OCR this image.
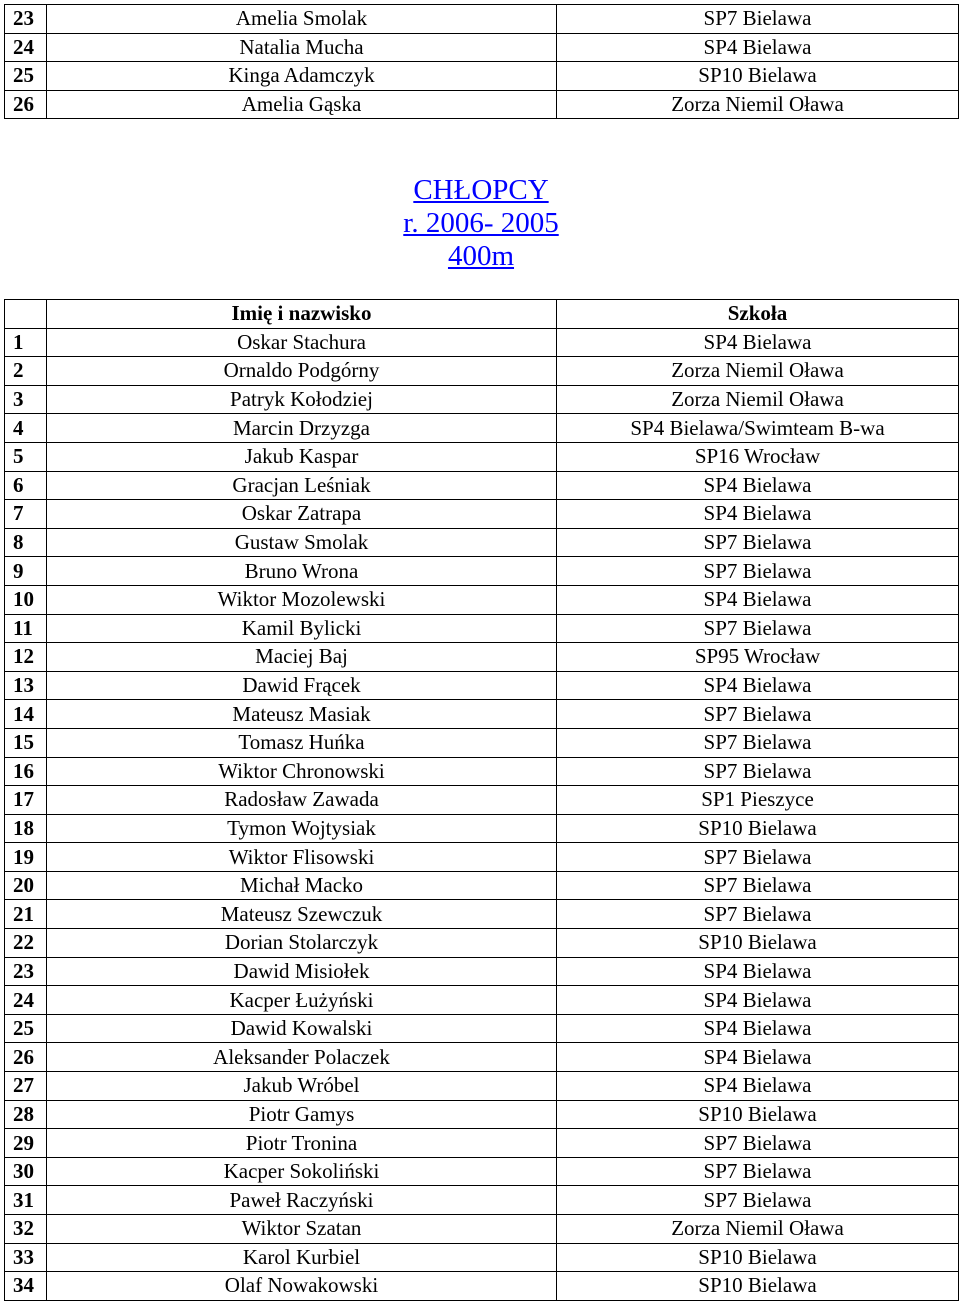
23	Amelia Smolak	SP7 Bielawa
24	Natalia Mucha	SP4 Bielawa
25	Kinga Adamczyk	SP10 Bielawa
26	Amelia Gąska	Zorza Niemil Oława
CHŁOPCY
r. 2006- 2005
400m
	Imię i nazwisko	Szkoła
1	Oskar Stachura	SP4 Bielawa
2	Ornaldo Podgórny	Zorza Niemil Oława
3	Patryk Kołodziej	Zorza Niemil Oława
4	Marcin Drzyzga	SP4 Bielawa/Swimteam B-wa
5	Jakub Kaspar	SP16 Wrocław
6	Gracjan Leśniak	SP4 Bielawa
7	Oskar Zatrapa	SP4 Bielawa
8	Gustaw Smolak	SP7 Bielawa
9	Bruno Wrona	SP7 Bielawa
10	Wiktor Mozolewski	SP4 Bielawa
11	Kamil Bylicki	SP7 Bielawa
12	Maciej Baj	SP95 Wrocław
13	Dawid Frącek	SP4 Bielawa
14	Mateusz Masiak	SP7 Bielawa
15	Tomasz Huńka	SP7 Bielawa
16	Wiktor Chronowski	SP7 Bielawa
17	Radosław Zawada	SP1 Pieszyce
18	Tymon Wojtysiak	SP10 Bielawa
19	Wiktor Flisowski	SP7 Bielawa
20	Michał Macko	SP7 Bielawa
21	Mateusz Szewczuk	SP7 Bielawa
22	Dorian Stolarczyk	SP10 Bielawa
23	Dawid Misiołek	SP4 Bielawa
24	Kacper Łużyński	SP4 Bielawa
25	Dawid Kowalski	SP4 Bielawa
26	Aleksander Polaczek	SP4 Bielawa
27	Jakub Wróbel	SP4 Bielawa
28	Piotr Gamys	SP10 Bielawa
29	Piotr Tronina	SP7 Bielawa
30	Kacper Sokoliński	SP7 Bielawa
31	Paweł Raczyński	SP7 Bielawa
32	Wiktor Szatan	Zorza Niemil Oława
33	Karol Kurbiel	SP10 Bielawa
34	Olaf Nowakowski	SP10 Bielawa
